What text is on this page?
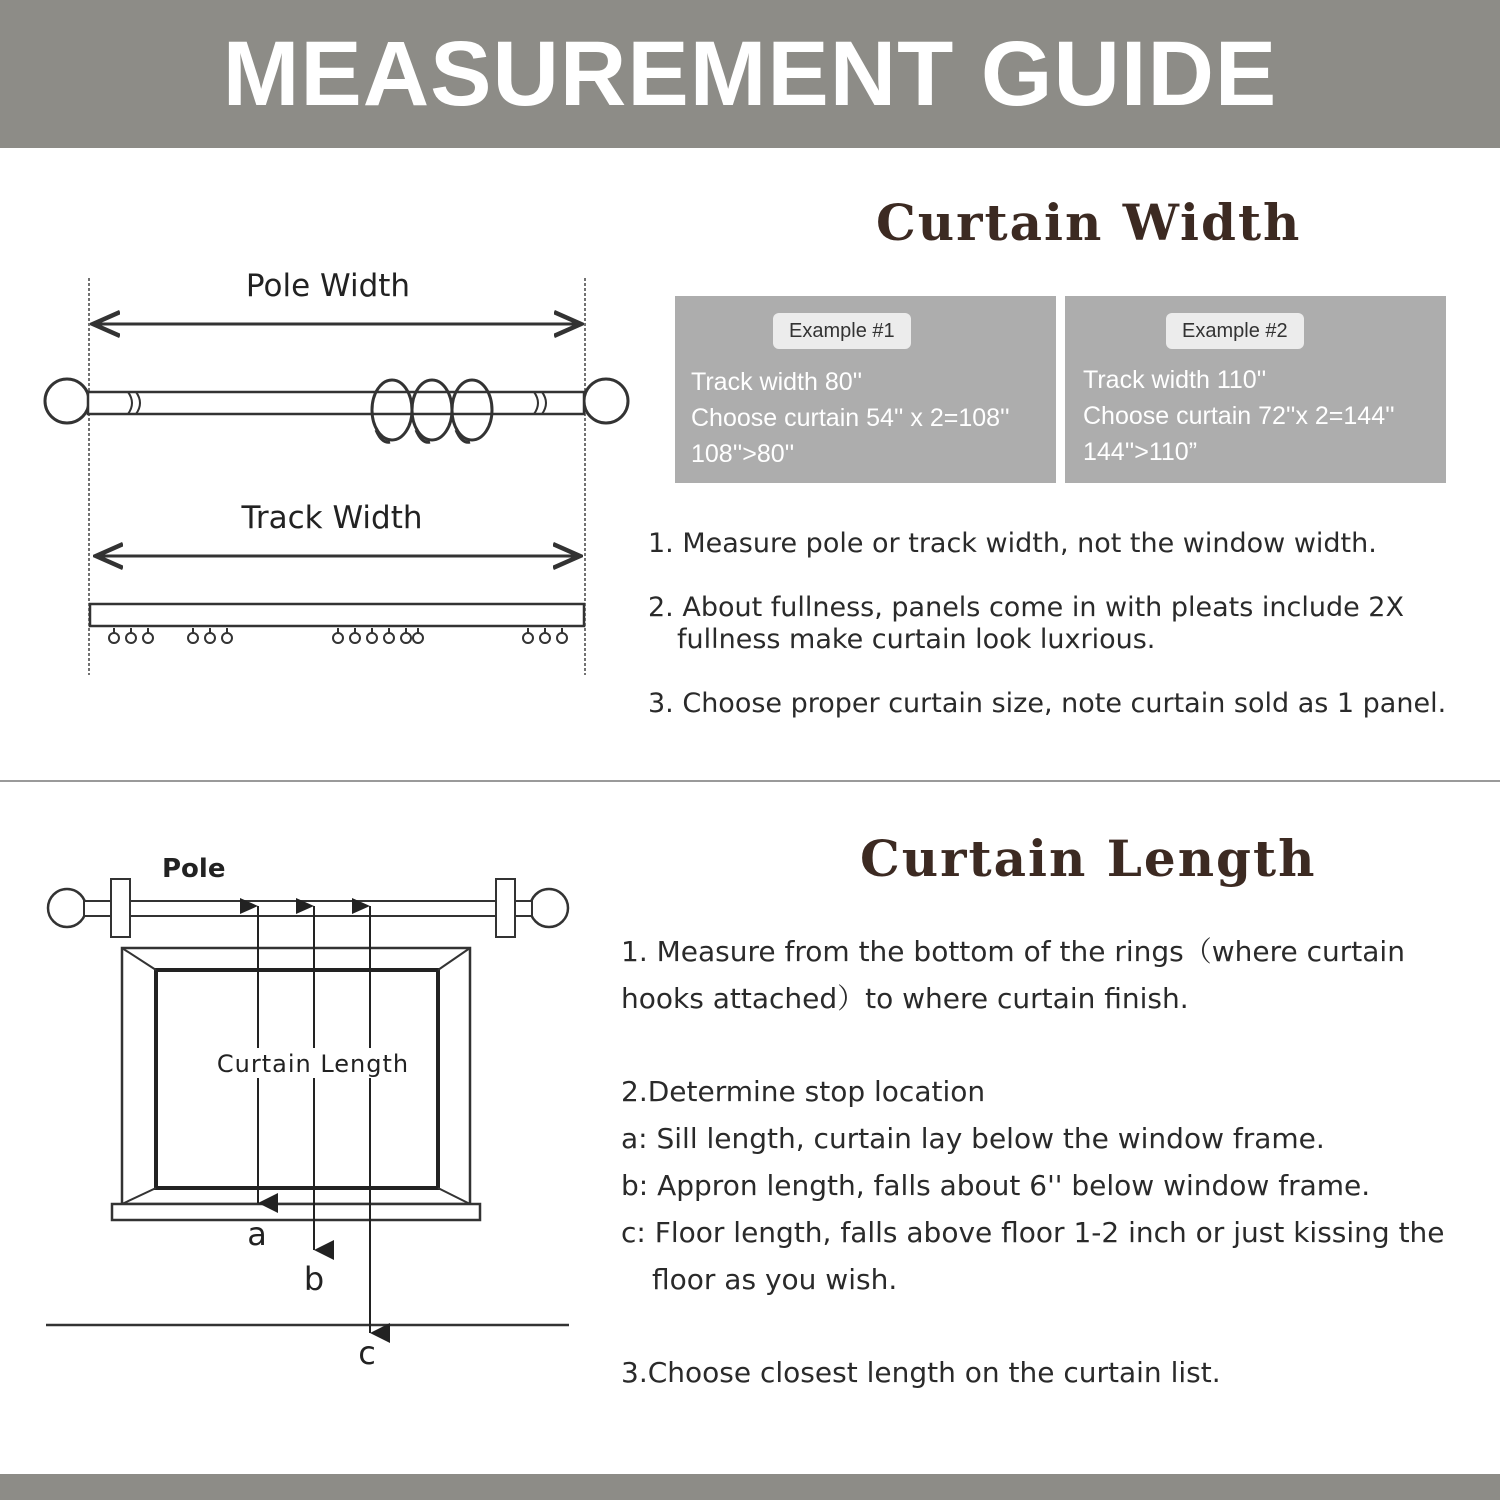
MEASUREMENT GUIDE
Curtain Width
Example #1
Track width 80''
Choose curtain 54'' x 2=108''
108''>80''
Example #2
Track width 110''
Choose curtain 72''x 2=144''
144''>110”
1. Measure pole or track width, not the window width.
2. About fullness, panels come in with pleats include 2X
fullness make curtain look luxrious.
3. Choose proper curtain size, note curtain sold as 1 panel.
Curtain Length
1. Measure from the bottom of the rings（where curtain
hooks attached）to where curtain finish.
2.Determine stop location
a: Sill length, curtain lay below the window frame.
b: Appron length, falls about 6'' below window frame.
c: Floor length, falls above floor 1-2 inch or just kissing the
floor as you wish.
3.Choose closest length on the curtain list.
Pole Width
Track Width
Pole
Curtain Length
a
b
c
